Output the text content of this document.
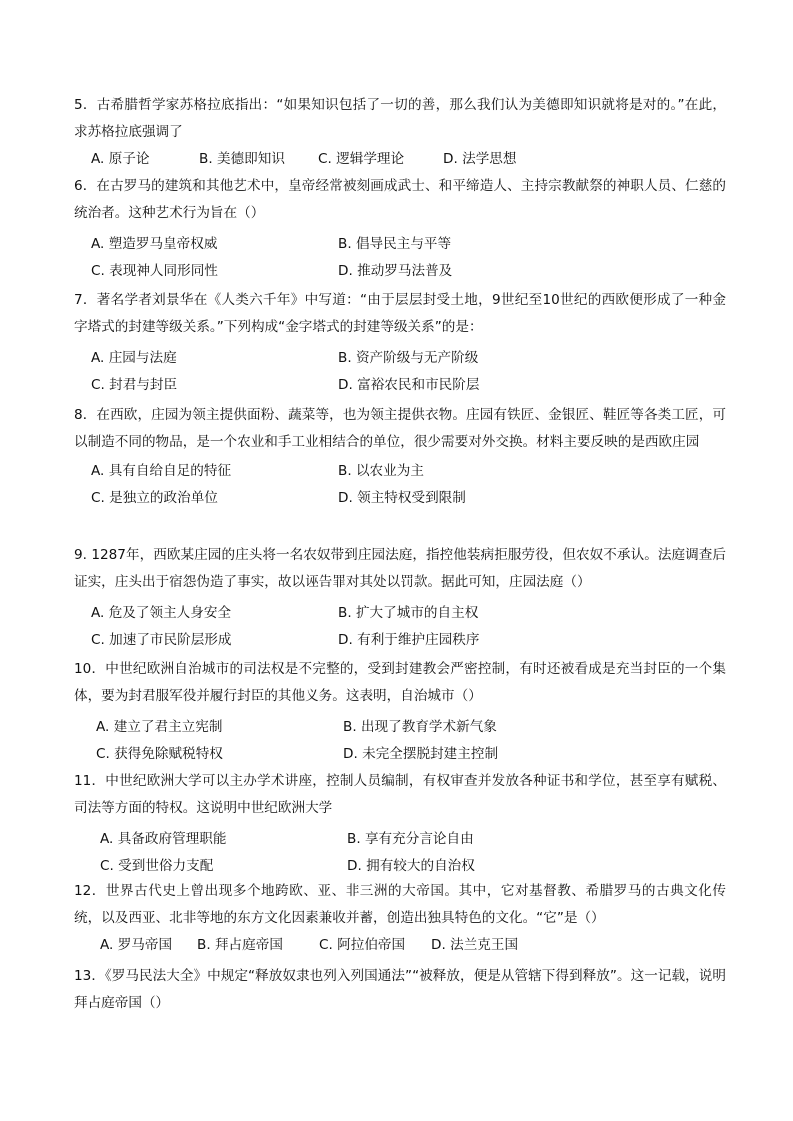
5．古希腊哲学家苏格拉底指出：“如果知识包括了一切的善，那么我们认为美德即知识就将是对的。”在此，求苏格拉底强调了

A. 原子论	B. 美德即知识	C. 逻辑学理论	D. 法学思想

6．在古罗马的建筑和其他艺术中，皇帝经常被刻画成武士、和平缔造人、主持宗教献祭的神职人员、仁慈的统治者。这种艺术行为旨在（）

A. 塑造罗马皇帝权威	B. 倡导民主与平等
C. 表现神人同形同性	D. 推动罗马法普及

7．著名学者刘景华在《人类六千年》中写道：“由于层层封受土地，9世纪至10世纪的西欧便形成了一种金字塔式的封建等级关系。”下列构成“金字塔式的封建等级关系”的是：

A. 庄园与法庭	B. 资产阶级与无产阶级
C. 封君与封臣	D. 富裕农民和市民阶层

8．在西欧，庄园为领主提供面粉、蔬菜等，也为领主提供衣物。庄园有铁匠、金银匠、鞋匠等各类工匠，可以制造不同的物品，是一个农业和手工业相结合的单位，很少需要对外交换。材料主要反映的是西欧庄园

A. 具有自给自足的特征	B. 以农业为主
C. 是独立的政治单位	D. 领主特权受到限制

9. 1287年，西欧某庄园的庄头将一名农奴带到庄园法庭，指控他装病拒服劳役，但农奴不承认。法庭调查后证实，庄头出于宿怨伪造了事实，故以诬告罪对其处以罚款。据此可知，庄园法庭（）

A. 危及了领主人身安全	B. 扩大了城市的自主权
C. 加速了市民阶层形成	D. 有利于维护庄园秩序

10．中世纪欧洲自治城市的司法权是不完整的，受到封建教会严密控制，有时还被看成是充当封臣的一个集体，要为封君服军役并履行封臣的其他义务。这表明，自治城市（）

A. 建立了君主立宪制	B. 出现了教育学术新气象
C. 获得免除赋税特权	D. 未完全摆脱封建主控制

11．中世纪欧洲大学可以主办学术讲座，控制人员编制，有权审查并发放各种证书和学位，甚至享有赋税、司法等方面的特权。这说明中世纪欧洲大学

A. 具备政府管理职能	B. 享有充分言论自由
C. 受到世俗力支配	D. 拥有较大的自治权

12．世界古代史上曾出现多个地跨欧、亚、非三洲的大帝国。其中，它对基督教、希腊罗马的古典文化传统，以及西亚、北非等地的东方文化因素兼收并蓄，创造出独具特色的文化。“它”是（）

A. 罗马帝国	B. 拜占庭帝国	C. 阿拉伯帝国	D. 法兰克王国

13．《罗马民法大全》中规定“释放奴隶也列入列国通法”“被释放，便是从管辖下得到释放”。这一记载，说明拜占庭帝国（）
